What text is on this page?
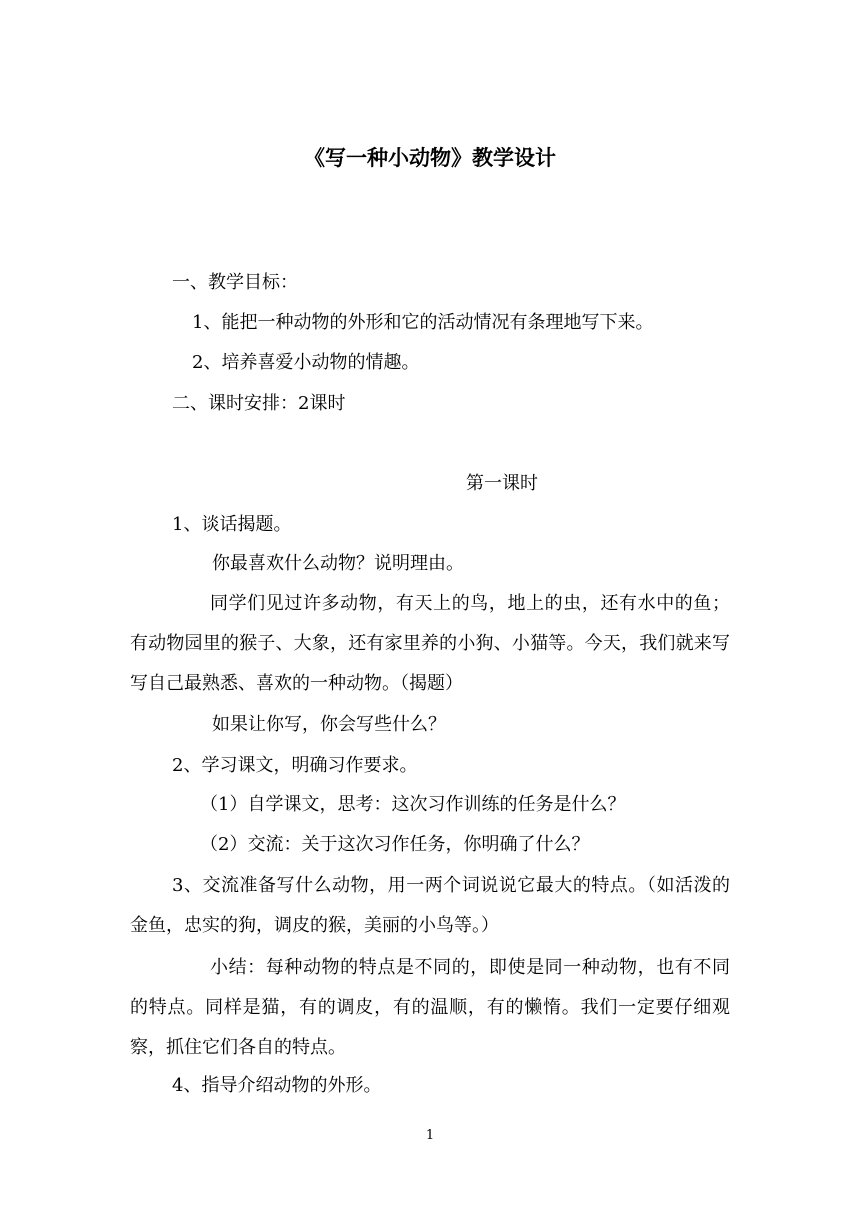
《写一种小动物》教学设计
一、教学目标：
1、能把一种动物的外形和它的活动情况有条理地写下来。
2、培养喜爱小动物的情趣。
二、课时安排：2课时
第一课时
1、谈话揭题。
你最喜欢什么动物？说明理由。
同学们见过许多动物，有天上的鸟，地上的虫，还有水中的鱼；有动物园里的猴子、大象，还有家里养的小狗、小猫等。今天，我们就来写写自己最熟悉、喜欢的一种动物。（揭题）
如果让你写，你会写些什么？
2、学习课文，明确习作要求。
（1）自学课文，思考：这次习作训练的任务是什么？
（2）交流：关于这次习作任务，你明确了什么？
3、交流准备写什么动物，用一两个词说说它最大的特点。（如活泼的金鱼，忠实的狗，调皮的猴，美丽的小鸟等。）
小结：每种动物的特点是不同的，即使是同一种动物，也有不同的特点。同样是猫，有的调皮，有的温顺，有的懒惰。我们一定要仔细观察，抓住它们各自的特点。
4、指导介绍动物的外形。
1
